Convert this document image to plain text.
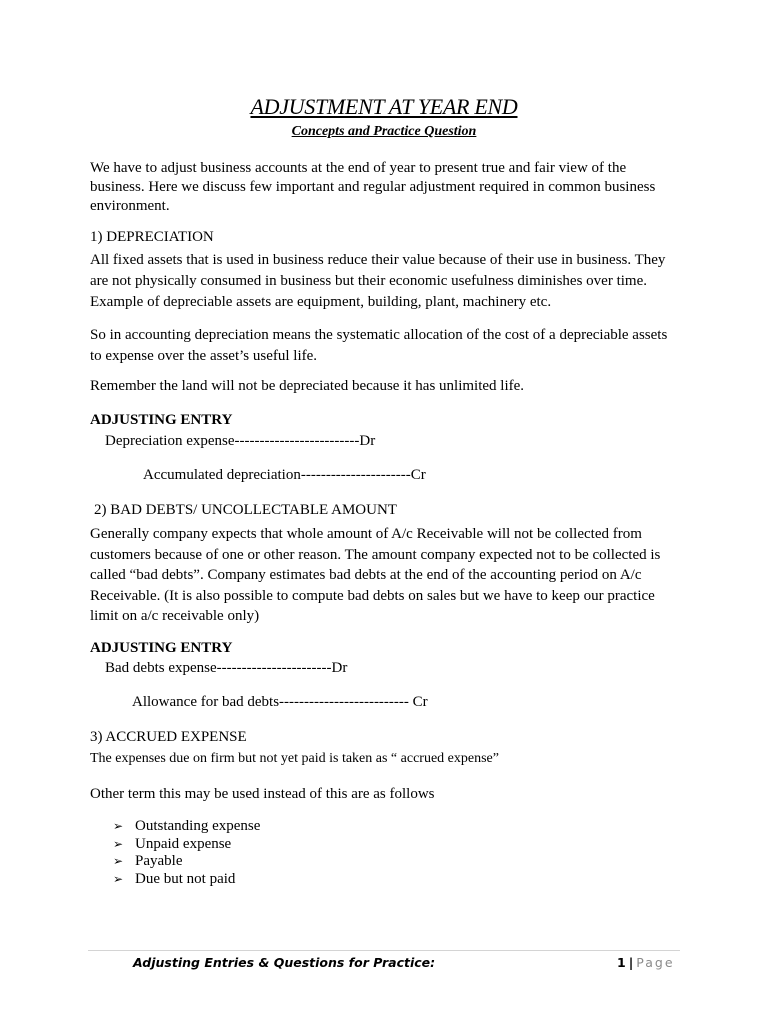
ADJUSTMENT AT YEAR END
Concepts and Practice Question
We have to adjust business accounts at the end of year to present true and fair view of the business. Here we discuss few important and regular adjustment required in common business environment.
1) DEPRECIATION
All fixed assets that is used in business reduce their value because of their use in business. They are not physically consumed in business but their economic usefulness diminishes over time. Example of depreciable assets are equipment, building, plant, machinery etc.
So in accounting depreciation means the systematic allocation of the cost of a depreciable assets to expense over the asset’s useful life.
Remember the land will not be depreciated because it has unlimited life.
ADJUSTING ENTRY
Depreciation expense-------------------------Dr
Accumulated depreciation----------------------Cr
2) BAD DEBTS/ UNCOLLECTABLE AMOUNT
Generally company expects that whole amount of A/c Receivable will not be collected from customers because of one or other reason. The amount company expected not to be collected is called “bad debts”. Company estimates bad debts at the end of the accounting period on A/c Receivable. (It is also possible to compute bad debts on sales but we have to keep our practice limit on a/c receivable only)
ADJUSTING ENTRY
Bad debts expense-----------------------Dr
Allowance for bad debts-------------------------- Cr
3) ACCRUED EXPENSE
The expenses due on firm but not yet paid is taken as “ accrued expense”
Other term this may be used instead of this are as follows
➢ Outstanding expense
➢ Unpaid expense
➢ Payable
➢ Due but not paid
Adjusting Entries & Questions for Practice:	1 | Page
